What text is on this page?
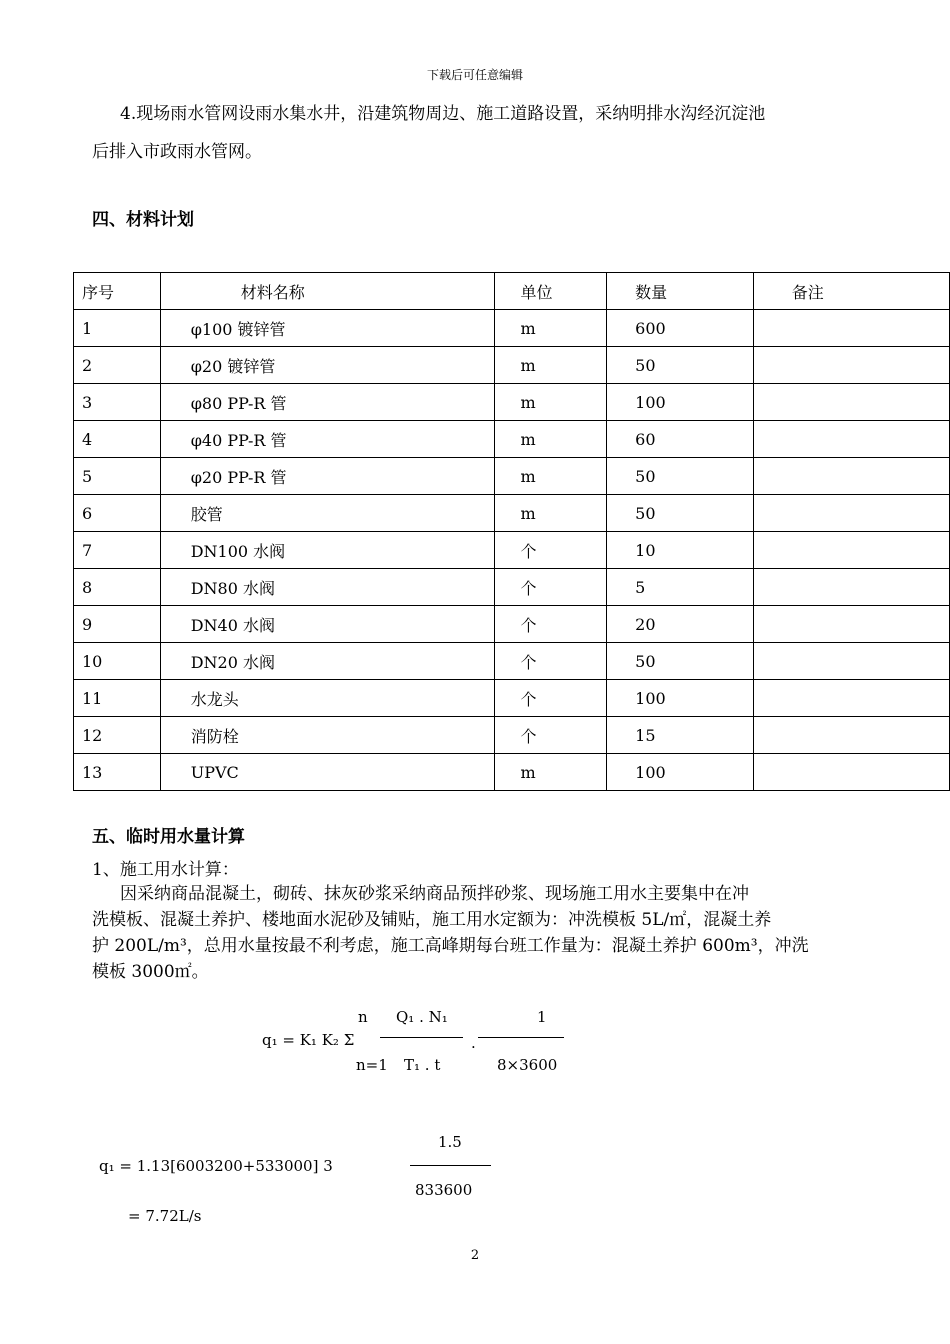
下载后可任意编辑
4.现场雨水管网设雨水集水井，沿建筑物周边、施工道路设置，采纳明排水沟经沉淀池
后排入市政雨水管网。
四、材料计划
序号	材料名称	单位	数量	备注
1	φ100 镀锌管	m	600	
2	φ20 镀锌管	m	50	
3	φ80 PP-R 管	m	100	
4	φ40 PP-R 管	m	60	
5	φ20 PP-R 管	m	50	
6	胶管	m	50	
7	DN100 水阀	个	10	
8	DN80 水阀	个	5	
9	DN40 水阀	个	20	
10	DN20 水阀	个	50	
11	水龙头	个	100	
12	消防栓	个	15	
13	UPVC	m	100	
五、临时用水量计算
1、施工用水计算：
因采纳商品混凝土，砌砖、抹灰砂浆采纳商品预拌砂浆、现场施工用水主要集中在冲
洗模板、混凝土养护、楼地面水泥砂及铺贴，施工用水定额为：冲洗模板 5L/㎡，混凝土养
护 200L/m³，总用水量按最不利考虑，施工高峰期每台班工作量为：混凝土养护 600m³，冲洗
模板 3000㎡。
q₁ = K₁ K₂ Σ
n
n=1
Q₁ . N₁
T₁ . t
.
1
8×3600
q₁ = 1.13[6003200+533000] 3
1.5
833600
= 7.72L/s
2
